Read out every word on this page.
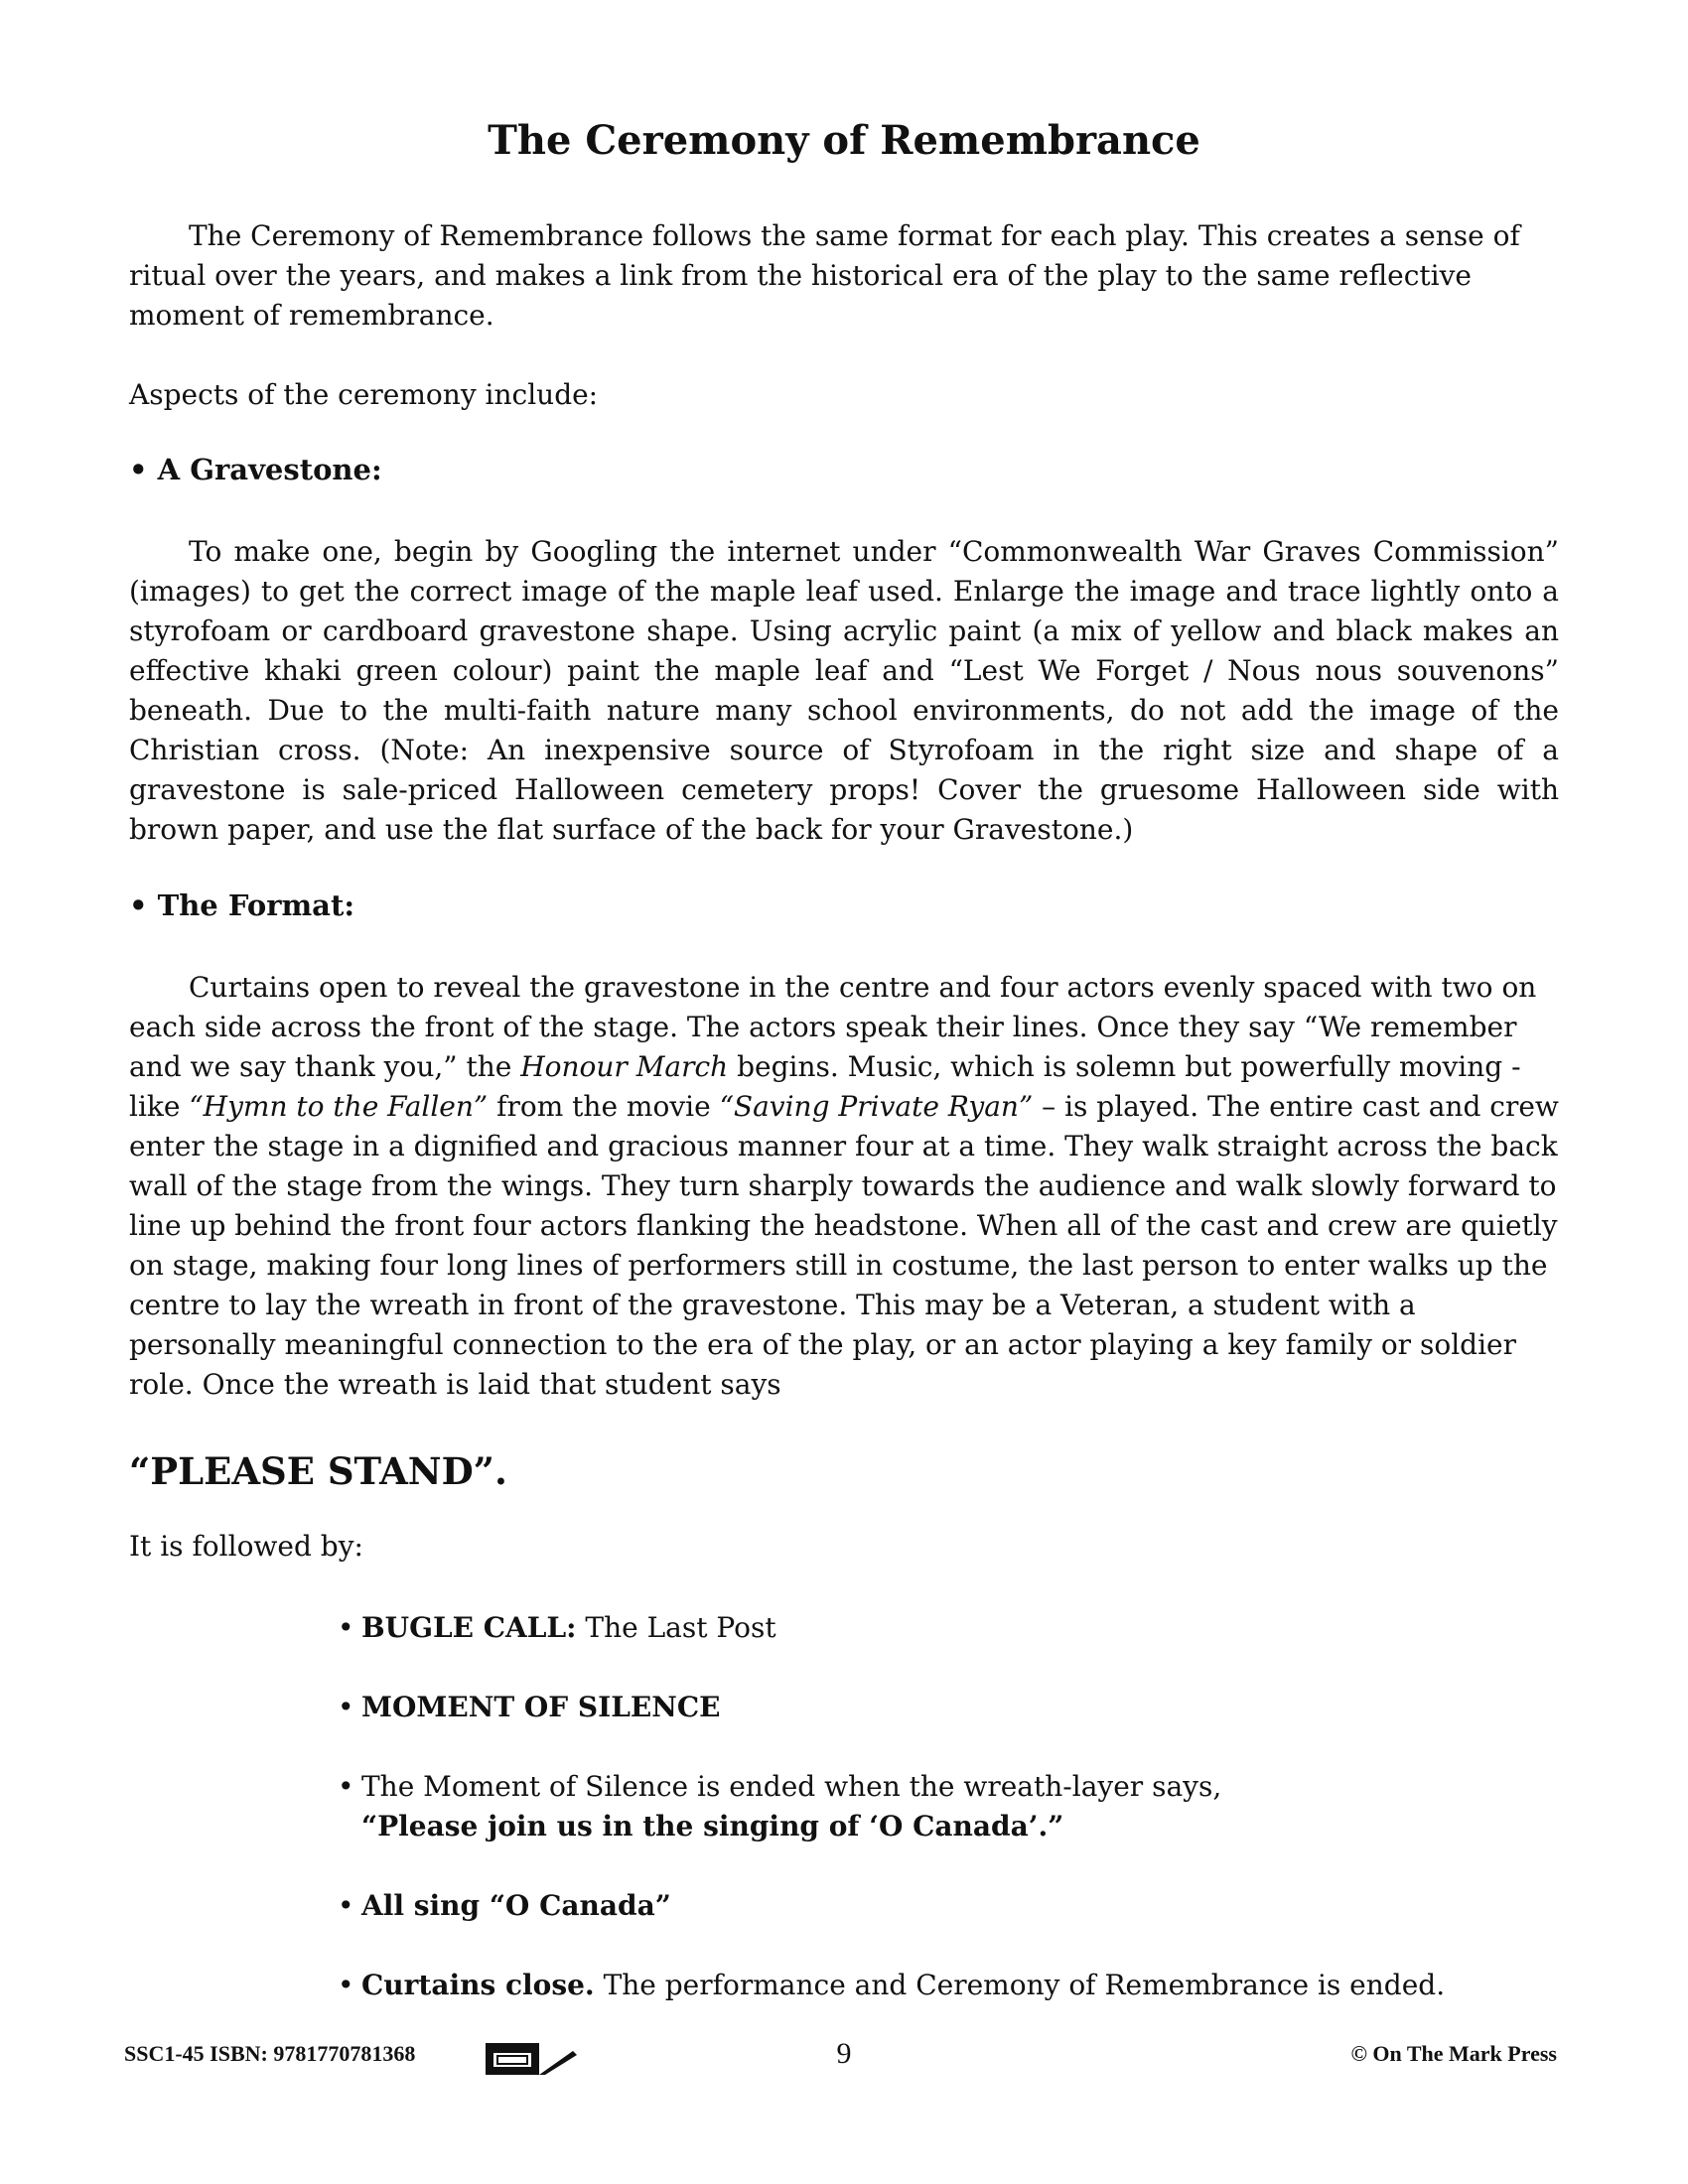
The Ceremony of Remembrance

The Ceremony of Remembrance follows the same format for each play. This creates a sense of ritual over the years, and makes a link from the historical era of the play to the same reflective moment of remembrance.

Aspects of the ceremony include:

• A Gravestone:

To make one, begin by Googling the internet under “Commonwealth War Graves Commission” (images) to get the correct image of the maple leaf used. Enlarge the image and trace lightly onto a styrofoam or cardboard gravestone shape. Using acrylic paint (a mix of yellow and black makes an effective khaki green colour) paint the maple leaf and “Lest We Forget / Nous nous souvenons” beneath. Due to the multi-faith nature many school environments, do not add the image of the Christian cross. (Note: An inexpensive source of Styrofoam in the right size and shape of a gravestone is sale-priced Halloween cemetery props! Cover the gruesome Halloween side with brown paper, and use the flat surface of the back for your Gravestone.)

• The Format:

Curtains open to reveal the gravestone in the centre and four actors evenly spaced with two on each side across the front of the stage. The actors speak their lines. Once they say “We remember and we say thank you,” the Honour March begins. Music, which is solemn but powerfully moving - like “Hymn to the Fallen” from the movie “Saving Private Ryan” – is played. The entire cast and crew enter the stage in a dignified and gracious manner four at a time. They walk straight across the back wall of the stage from the wings. They turn sharply towards the audience and walk slowly forward to line up behind the front four actors flanking the headstone. When all of the cast and crew are quietly on stage, making four long lines of performers still in costume, the last person to enter walks up the centre to lay the wreath in front of the gravestone. This may be a Veteran, a student with a personally meaningful connection to the era of the play, or an actor playing a key family or soldier role. Once the wreath is laid that student says

“PLEASE STAND”.

It is followed by:

• BUGLE CALL: The Last Post
• MOMENT OF SILENCE
• The Moment of Silence is ended when the wreath-layer says,
“Please join us in the singing of ‘O Canada’.”
• All sing “O Canada”
• Curtains close. The performance and Ceremony of Remembrance is ended.
SSC1-45 ISBN: 9781770781368	9	© On The Mark Press
